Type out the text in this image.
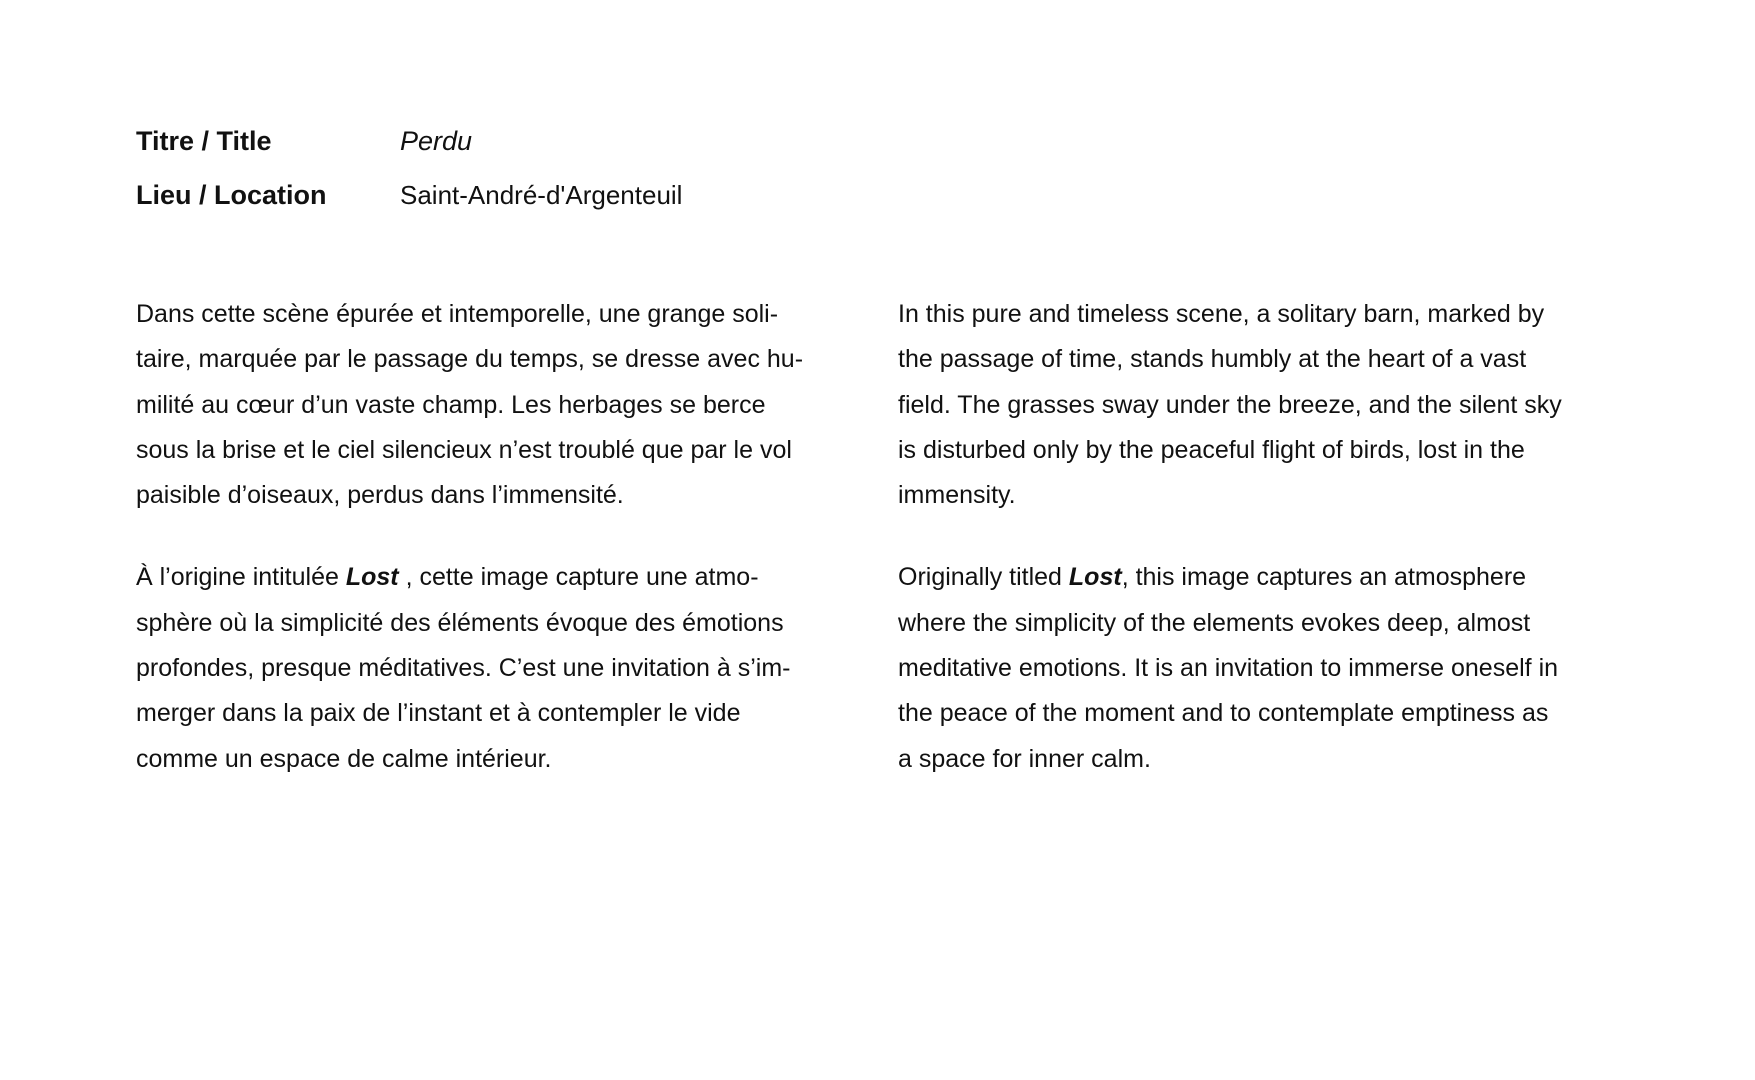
Titre / Title	Perdu
Lieu / Location	Saint-André-d'Argenteuil
Dans cette scène épurée et intemporelle, une grange soli-
taire, marquée par le passage du temps, se dresse avec hu-
milité au cœur d’un vaste champ. Les herbages se berce
sous la brise et le ciel silencieux n’est troublé que par le vol
paisible d’oiseaux, perdus dans l’immensité.
À l’origine intitulée Lost , cette image capture une atmo-
sphère où la simplicité des éléments évoque des émotions
profondes, presque méditatives. C’est une invitation à s’im-
merger dans la paix de l’instant et à contempler le vide
comme un espace de calme intérieur.
In this pure and timeless scene, a solitary barn, marked by
the passage of time, stands humbly at the heart of a vast
field. The grasses sway under the breeze, and the silent sky
is disturbed only by the peaceful flight of birds, lost in the
immensity.
Originally titled Lost, this image captures an atmosphere
where the simplicity of the elements evokes deep, almost
meditative emotions. It is an invitation to immerse oneself in
the peace of the moment and to contemplate emptiness as
a space for inner calm.
